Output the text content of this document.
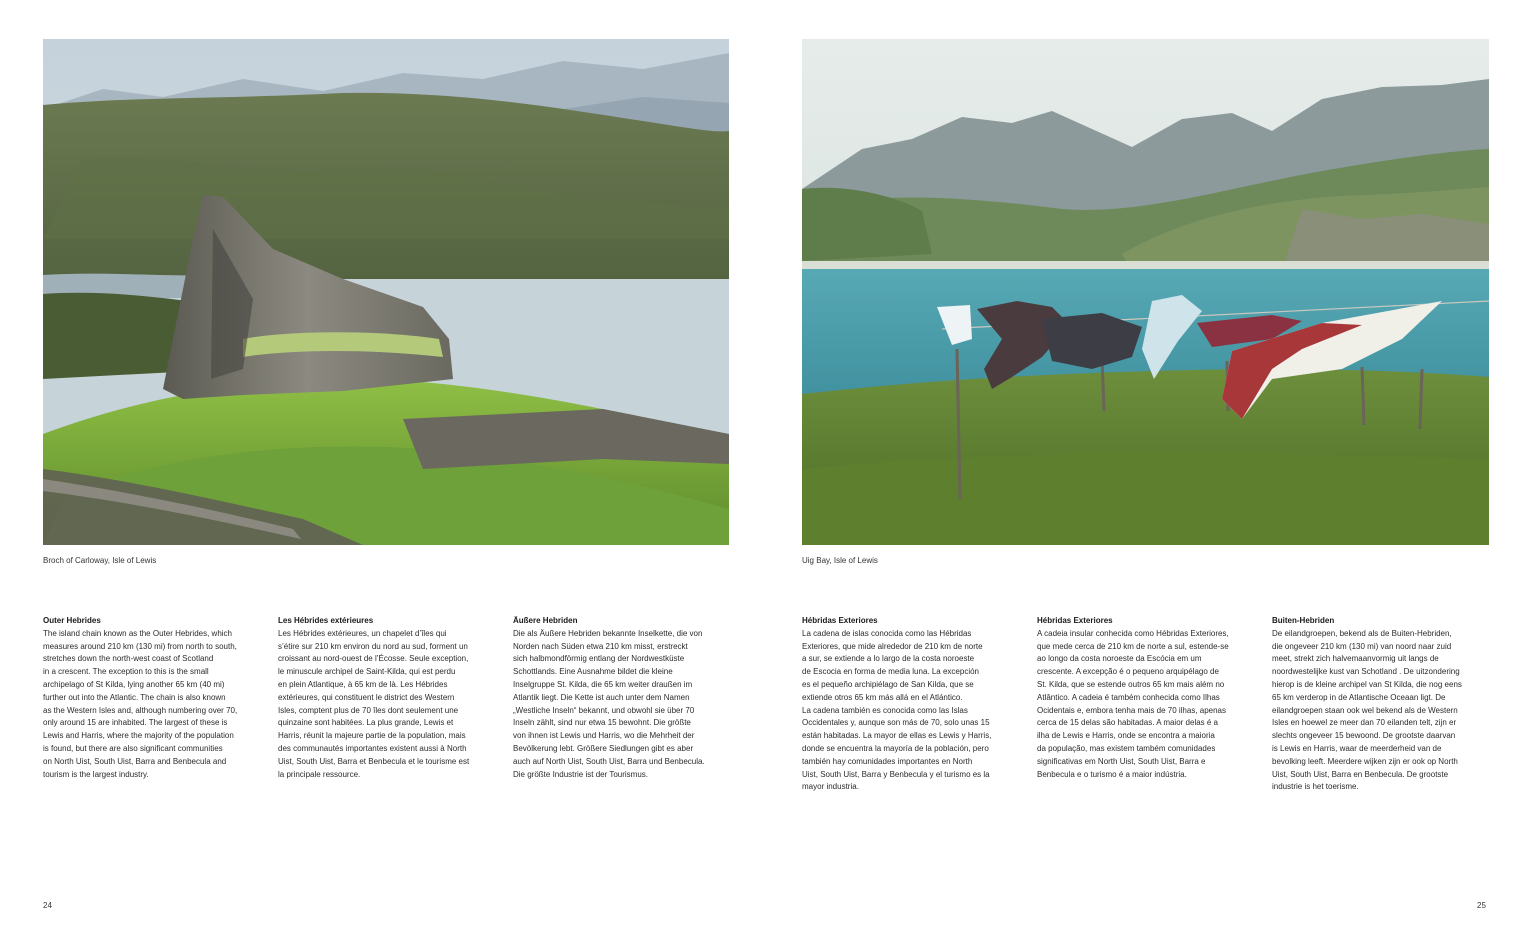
Broch of Carloway, Isle of Lewis	Uig Bay, Isle of Lewis
Outer Hebrides

The island chain known as the Outer Hebrides, which
measures around 210 km (130 mi) from north to south,
stretches down the north-west coast of Scotland
in a crescent. The exception to this is the small
archipelago of St Kilda, lying another 65 km (40 mi)
further out into the Atlantic. The chain is also known
as the Western Isles and, although numbering over 70,
only around 15 are inhabited. The largest of these is
Lewis and Harris, where the majority of the population
is found, but there are also significant communities
on North Uist, South Uist, Barra and Benbecula and
tourism is the largest industry.

Les Hébrides extérieures

Les Hébrides extérieures, un chapelet d’îles qui
s’étire sur 210 km environ du nord au sud, forment un
croissant au nord-ouest de l’Écosse. Seule exception,
le minuscule archipel de Saint-Kilda, qui est perdu
en plein Atlantique, à 65 km de là. Les Hébrides
extérieures, qui constituent le district des Western
Isles, comptent plus de 70 îles dont seulement une
quinzaine sont habitées. La plus grande, Lewis et
Harris, réunit la majeure partie de la population, mais
des communautés importantes existent aussi à North
Uist, South Uist, Barra et Benbecula et le tourisme est
la principale ressource.

Äußere Hebriden

Die als Äußere Hebriden bekannte Inselkette, die von
Norden nach Süden etwa 210 km misst, erstreckt
sich halbmondförmig entlang der Nordwestküste
Schottlands. Eine Ausnahme bildet die kleine
Inselgruppe St. Kilda, die 65 km weiter draußen im
Atlantik liegt. Die Kette ist auch unter dem Namen
„Westliche Inseln“ bekannt, und obwohl sie über 70
Inseln zählt, sind nur etwa 15 bewohnt. Die größte
von ihnen ist Lewis und Harris, wo die Mehrheit der
Bevölkerung lebt. Größere Siedlungen gibt es aber
auch auf North Uist, South Uist, Barra und Benbecula.
Die größte Industrie ist der Tourismus.

Hébridas Exteriores

La cadena de islas conocida como las Hébridas
Exteriores, que mide alrededor de 210 km de norte
a sur, se extiende a lo largo de la costa noroeste
de Escocia en forma de media luna. La excepción
es el pequeño archipiélago de San Kilda, que se
extiende otros 65 km más allá en el Atlántico.
La cadena también es conocida como las Islas
Occidentales y, aunque son más de 70, solo unas 15
están habitadas. La mayor de ellas es Lewis y Harris,
donde se encuentra la mayoría de la población, pero
también hay comunidades importantes en North
Uist, South Uist, Barra y Benbecula y el turismo es la
mayor industria.

Hébridas Exteriores

A cadeia insular conhecida como Hébridas Exteriores,
que mede cerca de 210 km de norte a sul, estende-se
ao longo da costa noroeste da Escócia em um
crescente. A excepção é o pequeno arquipélago de
St. Kilda, que se estende outros 65 km mais além no
Atlântico. A cadeia é também conhecida como Ilhas
Ocidentais e, embora tenha mais de 70 ilhas, apenas
cerca de 15 delas são habitadas. A maior delas é a
ilha de Lewis e Harris, onde se encontra a maioria
da população, mas existem também comunidades
significativas em North Uist, South Uist, Barra e
Benbecula e o turismo é a maior indústria.

Buiten-Hebriden

De eilandgroepen, bekend als de Buiten-Hebriden,
die ongeveer 210 km (130 mi) van noord naar zuid
meet, strekt zich halvemaanvormig uit langs de
noordwestelijke kust van Schotland . De uitzondering
hierop is de kleine archipel van St Kilda, die nog eens
65 km verderop in de Atlantische Oceaan ligt. De
eilandgroepen staan ook wel bekend als de Western
Isles en hoewel ze meer dan 70 eilanden telt, zijn er
slechts ongeveer 15 bewoond. De grootste daarvan
is Lewis en Harris, waar de meerderheid van de
bevolking leeft. Meerdere wijken zijn er ook op North
Uist, South Uist, Barra en Benbecula. De grootste
industrie is het toerisme.

24	25
